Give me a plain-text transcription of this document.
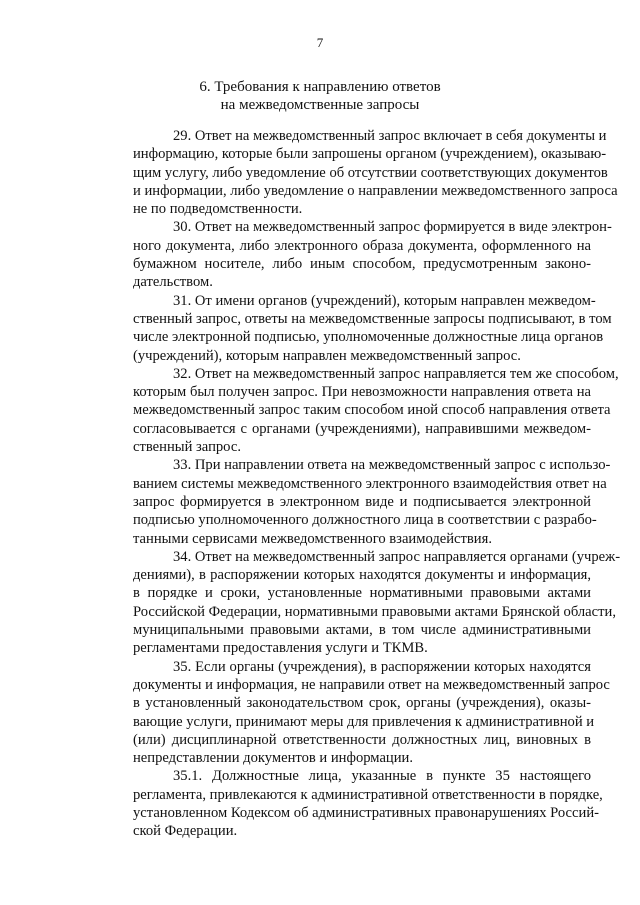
7
6. Требования к направлению ответов
на межведомственные запросы
29. Ответ на межведомственный запрос включает в себя документы и
информацию, которые были запрошены органом (учреждением), оказываю-
щим услугу, либо уведомление об отсутствии соответствующих документов
и информации, либо уведомление о направлении межведомственного запроса
не по подведомственности.
30. Ответ на межведомственный запрос формируется в виде электрон-
ного документа, либо электронного образа документа, оформленного на
бумажном носителе, либо иным способом, предусмотренным законо-
дательством.
31. От имени органов (учреждений), которым направлен межведом-
ственный запрос, ответы на межведомственные запросы подписывают, в том
числе электронной подписью, уполномоченные должностные лица органов
(учреждений), которым направлен межведомственный запрос.
32. Ответ на межведомственный запрос направляется тем же способом,
которым был получен запрос. При невозможности направления ответа на
межведомственный запрос таким способом иной способ направления ответа
согласовывается с органами (учреждениями), направившими межведом-
ственный запрос.
33. При направлении ответа на межведомственный запрос с использо-
ванием системы межведомственного электронного взаимодействия ответ на
запрос формируется в электронном виде и подписывается электронной
подписью уполномоченного должностного лица в соответствии с разрабо-
танными сервисами межведомственного взаимодействия.
34. Ответ на межведомственный запрос направляется органами (учреж-
дениями), в распоряжении которых находятся документы и информация,
в порядке и сроки, установленные нормативными правовыми актами
Российской Федерации, нормативными правовыми актами Брянской области,
муниципальными правовыми актами, в том числе административными
регламентами предоставления услуги и ТКМВ.
35. Если органы (учреждения), в распоряжении которых находятся
документы и информация, не направили ответ на межведомственный запрос
в установленный законодательством срок, органы (учреждения), оказы-
вающие услуги, принимают меры для привлечения к административной и
(или) дисциплинарной ответственности должностных лиц, виновных в
непредставлении документов и информации.
35.1. Должностные лица, указанные в пункте 35 настоящего
регламента, привлекаются к административной ответственности в порядке,
установленном Кодексом об административных правонарушениях Россий-
ской Федерации.
